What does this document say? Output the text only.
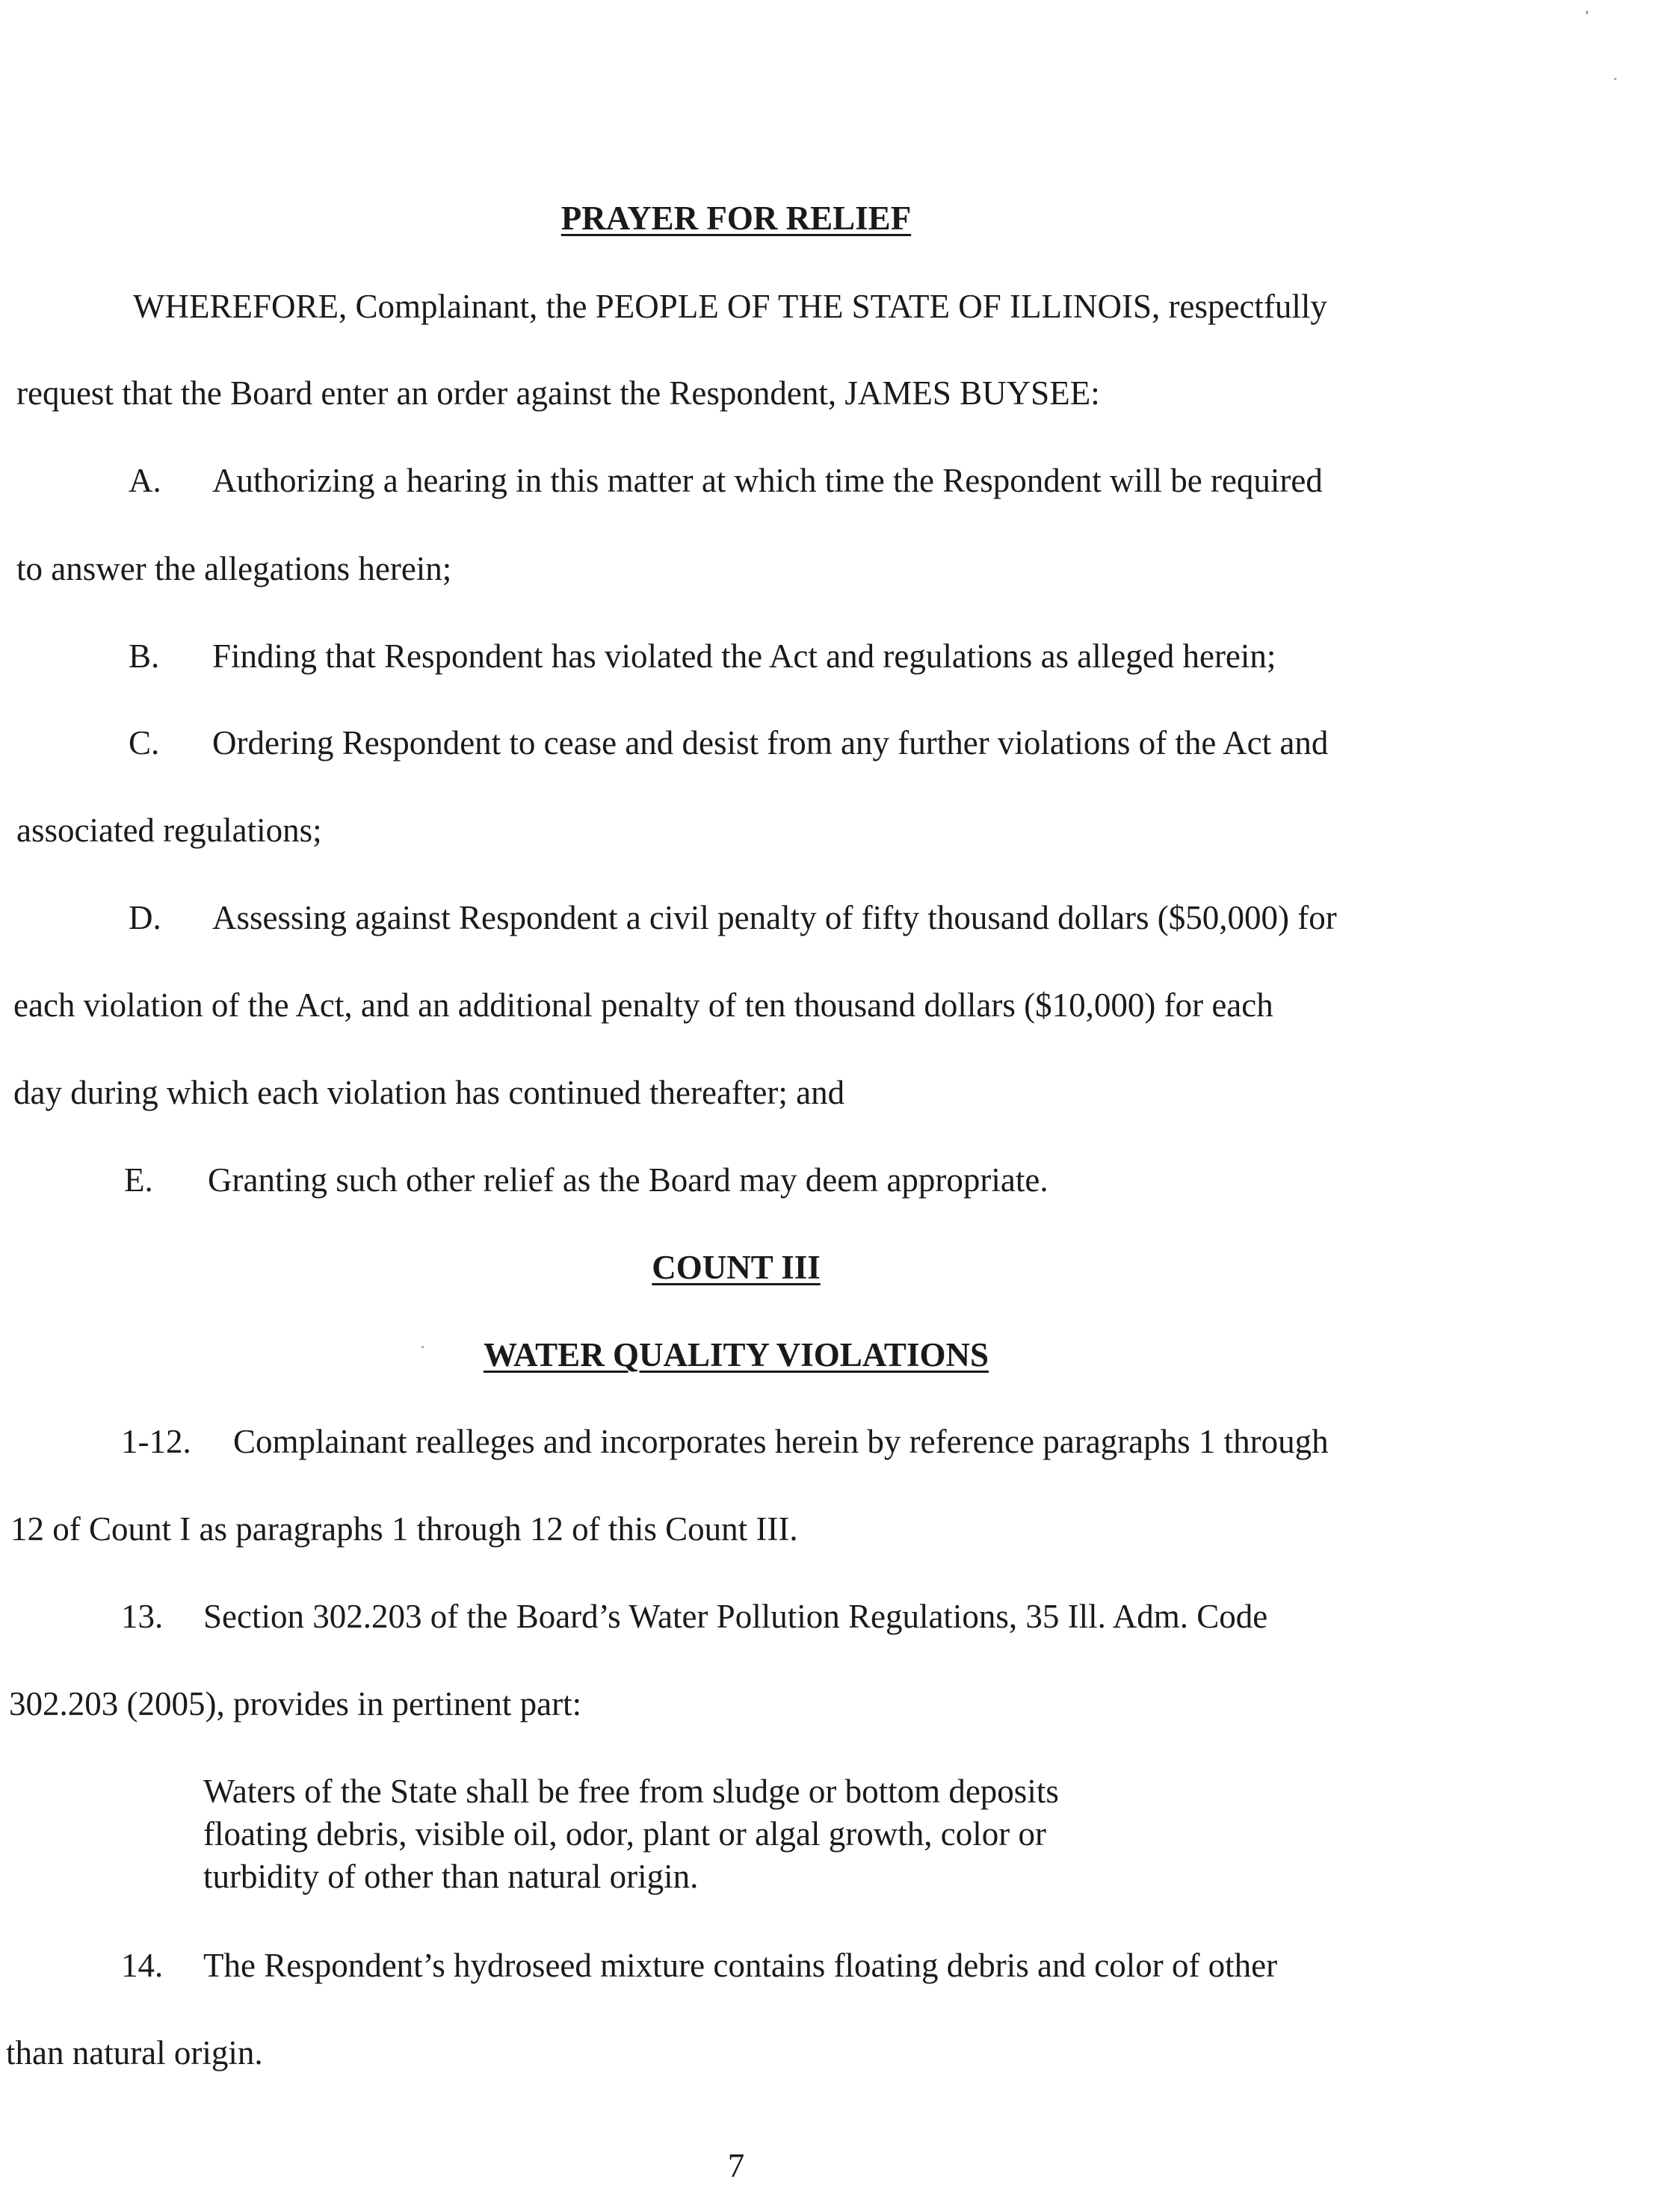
PRAYER FOR RELIEF
WHEREFORE, Complainant, the PEOPLE OF THE STATE OF ILLINOIS, respectfully
request that the Board enter an order against the Respondent, JAMES BUYSEE:
A. Authorizing a hearing in this matter at which time the Respondent will be required
to answer the allegations herein;
B. Finding that Respondent has violated the Act and regulations as alleged herein;
C. Ordering Respondent to cease and desist from any further violations of the Act and
associated regulations;
D. Assessing against Respondent a civil penalty of fifty thousand dollars ($50,000) for
each violation of the Act, and an additional penalty of ten thousand dollars ($10,000) for each
day during which each violation has continued thereafter; and
E. Granting such other relief as the Board may deem appropriate.
COUNT III
WATER QUALITY VIOLATIONS
1-12. Complainant realleges and incorporates herein by reference paragraphs 1 through
12 of Count I as paragraphs 1 through 12 of this Count III.
13. Section 302.203 of the Board’s Water Pollution Regulations, 35 Ill. Adm. Code
302.203 (2005), provides in pertinent part:
Waters of the State shall be free from sludge or bottom deposits
floating debris, visible oil, odor, plant or algal growth, color or
turbidity of other than natural origin.
14. The Respondent’s hydroseed mixture contains floating debris and color of other
than natural origin.
7
